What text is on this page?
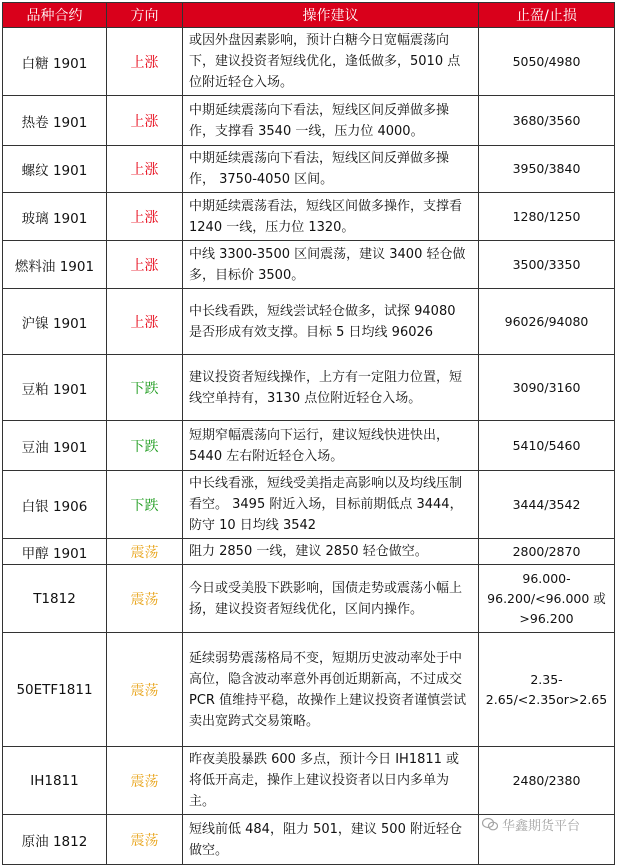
品种合约	方向	操作建议	止盈/止损
白糖 1901	上涨	或因外盘因素影响，预计白糖今日宽幅震荡向下，建议投资者短线优化，逢低做多，5010 点位附近轻仓入场。	5050/4980
热卷 1901	上涨	中期延续震荡向下看法，短线区间反弹做多操作，支撑看 3540 一线，压力位 4000。	3680/3560
螺纹 1901	上涨	中期延续震荡向下看法，短线区间反弹做多操作， 3750-4050 区间。	3950/3840
玻璃 1901	上涨	中期延续震荡看法，短线区间做多操作，支撑看 1240 一线，压力位 1320。	1280/1250
燃料油 1901	上涨	中线 3300-3500 区间震荡，建议 3400 轻仓做多，目标价 3500。	3500/3350
沪镍 1901	上涨	中长线看跌，短线尝试轻仓做多，试探 94080 是否形成有效支撑。目标 5 日均线 96026	96026/94080
豆粕 1901	下跌	建议投资者短线操作，上方有一定阻力位置，短线空单持有，3130 点位附近轻仓入场。	3090/3160
豆油 1901	下跌	短期窄幅震荡向下运行，建议短线快进快出，5440 左右附近轻仓入场。	5410/5460
白银 1906	下跌	中长线看涨，短线受美指走高影响以及均线压制看空。 3495 附近入场，目标前期低点 3444，防守 10 日均线 3542	3444/3542
甲醇 1901	震荡	阻力 2850 一线，建议 2850 轻仓做空。	2800/2870
T1812	震荡	今日或受美股下跌影响，国债走势或震荡小幅上扬，建议投资者短线优化，区间内操作。	96.000-96.200/<96.000 或>96.200
50ETF1811	震荡	延续弱势震荡格局不变，短期历史波动率处于中高位，隐含波动率意外再创近期新高，不过成交 PCR 值维持平稳，故操作上建议投资者谨慎尝试卖出宽跨式交易策略。	2.35-2.65/<2.35or>2.65
IH1811	震荡	昨夜美股暴跌 600 多点，预计今日 IH1811 或将低开高走，操作上建议投资者以日内多单为主。	2480/2380
原油 1812	震荡	短线前低 484，阻力 501，建议 500 附近轻仓做空。	
华鑫期货平台
